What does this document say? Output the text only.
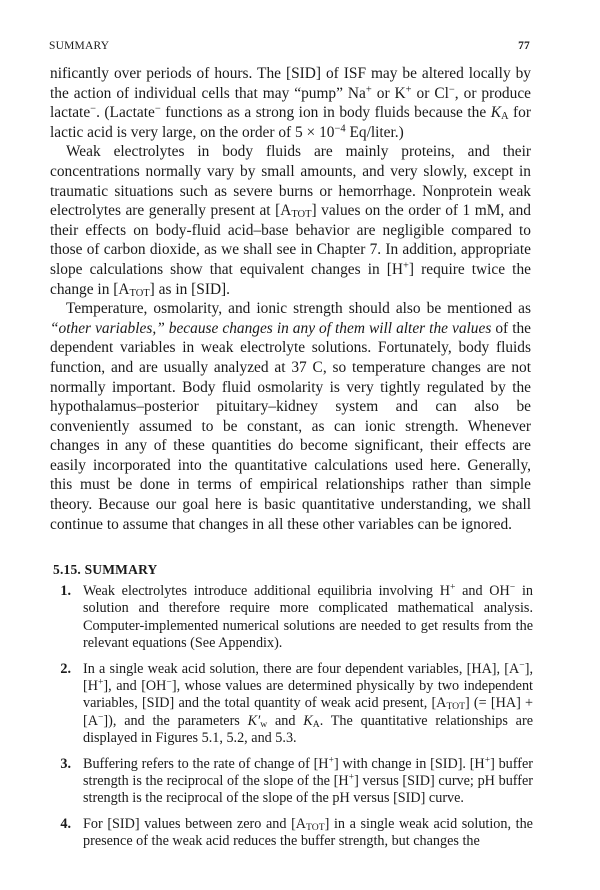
SUMMARY	77

nificantly over periods of hours. The [SID] of ISF may be altered locally by the action of individual cells that may “pump” Na+ or K+ or Cl−, or produce lactate−. (Lactate− functions as a strong ion in body fluids because the $K_A$ for lactic acid is very large, on the order of $5 \times 10^{-4}$ Eq/liter.)

Weak electrolytes in body fluids are mainly proteins, and their concentrations normally vary by small amounts, and very slowly, except in traumatic situations such as severe burns or hemorrhage. Nonprotein weak electrolytes are generally present at $[A_{TOT}]$ values on the order of 1 mM, and their effects on body-fluid acid–base behavior are negligible compared to those of carbon dioxide, as we shall see in Chapter 7. In addition, appropriate slope calculations show that equivalent changes in [H+] require twice the change in $[A_{TOT}]$ as in [SID].

Temperature, osmolarity, and ionic strength should also be mentioned as “other variables,” because changes in any of them will alter the values of the dependent variables in weak electrolyte solutions. Fortunately, body fluids function, and are usually analyzed at 37 C, so temperature changes are not normally important. Body fluid osmolarity is very tightly regulated by the hypothalamus–posterior pituitary–kidney system and can also be conveniently assumed to be constant, as can ionic strength. Whenever changes in any of these quantities do become significant, their effects are easily incorporated into the quantitative calculations used here. Generally, this must be done in terms of empirical relationships rather than simple theory. Because our goal here is basic quantitative understanding, we shall continue to assume that changes in all these other variables can be ignored.

5.15. SUMMARY
1. Weak electrolytes introduce additional equilibria involving H+ and OH− in solution and therefore require more complicated mathematical analysis. Computer-implemented numerical solutions are needed to get results from the relevant equations (See Appendix).
2. In a single weak acid solution, there are four dependent variables, [HA], [A−], [H+], and [OH−], whose values are determined physically by two independent variables, [SID] and the total quantity of weak acid present, $[A_{TOT}]$ (= [HA] + [A−]), and the parameters $K'_w$ and $K_A$. The quantitative relationships are displayed in Figures 5.1, 5.2, and 5.3.
3. Buffering refers to the rate of change of [H+] with change in [SID]. [H+] buffer strength is the reciprocal of the slope of the [H+] versus [SID] curve; pH buffer strength is the reciprocal of the slope of the pH versus [SID] curve.
4. For [SID] values between zero and $[A_{TOT}]$ in a single weak acid solution, the presence of the weak acid reduces the buffer strength, but changes the
